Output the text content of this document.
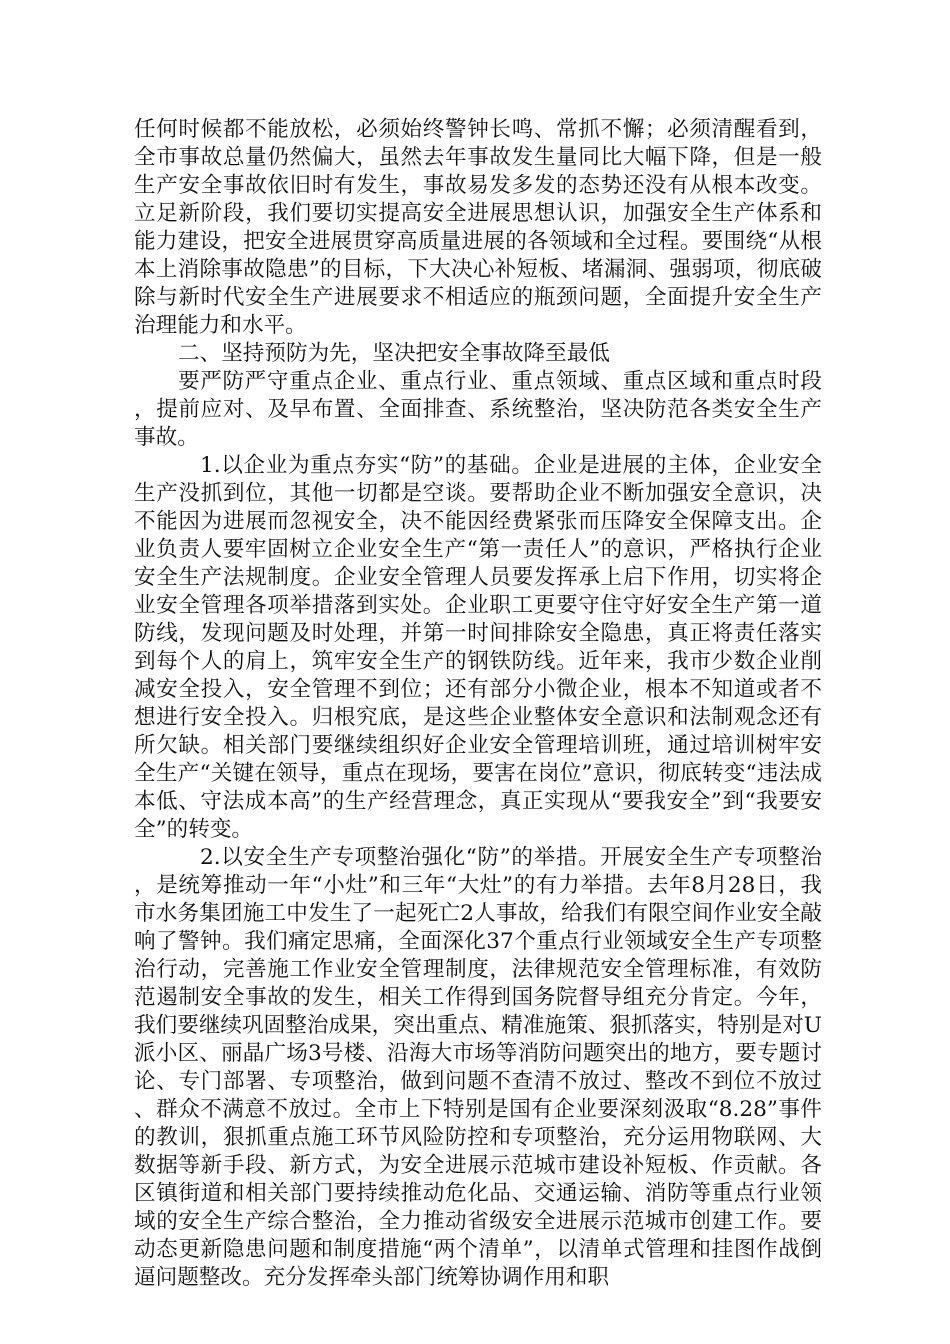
任何时候都不能放松，必须始终警钟长鸣、常抓不懈；必须清醒看到，全市事故总量仍然偏大，虽然去年事故发生量同比大幅下降，但是一般生产安全事故依旧时有发生，事故易发多发的态势还没有从根本改变。立足新阶段，我们要切实提高安全进展思想认识，加强安全生产体系和能力建设，把安全进展贯穿高质量进展的各领域和全过程。要围绕“从根本上消除事故隐患”的目标，下大决心补短板、堵漏洞、强弱项，彻底破除与新时代安全生产进展要求不相适应的瓶颈问题，全面提升安全生产治理能力和水平。

二、坚持预防为先，坚决把安全事故降至最低

要严防严守重点企业、重点行业、重点领域、重点区域和重点时段，提前应对、及早布置、全面排查、系统整治，坚决防范各类安全生产事故。

1.以企业为重点夯实“防”的基础。企业是进展的主体，企业安全生产没抓到位，其他一切都是空谈。要帮助企业不断加强安全意识，决不能因为进展而忽视安全，决不能因经费紧张而压降安全保障支出。企业负责人要牢固树立企业安全生产“第一责任人”的意识，严格执行企业安全生产法规制度。企业安全管理人员要发挥承上启下作用，切实将企业安全管理各项举措落到实处。企业职工更要守住守好安全生产第一道防线，发现问题及时处理，并第一时间排除安全隐患，真正将责任落实到每个人的肩上，筑牢安全生产的钢铁防线。近年来，我市少数企业削减安全投入，安全管理不到位；还有部分小微企业，根本不知道或者不想进行安全投入。归根究底，是这些企业整体安全意识和法制观念还有所欠缺。相关部门要继续组织好企业安全管理培训班，通过培训树牢安全生产“关键在领导，重点在现场，要害在岗位”意识，彻底转变“违法成本低、守法成本高”的生产经营理念，真正实现从“要我安全”到“我要安全”的转变。

2.以安全生产专项整治强化“防”的举措。开展安全生产专项整治，是统筹推动一年“小灶”和三年“大灶”的有力举措。去年8月28日，我市水务集团施工中发生了一起死亡2人事故，给我们有限空间作业安全敲响了警钟。我们痛定思痛，全面深化37个重点行业领域安全生产专项整治行动，完善施工作业安全管理制度，法律规范安全管理标准，有效防范遏制安全事故的发生，相关工作得到国务院督导组充分肯定。今年，我们要继续巩固整治成果，突出重点、精准施策、狠抓落实，特别是对U派小区、丽晶广场3号楼、沿海大市场等消防问题突出的地方，要专题讨论、专门部署、专项整治，做到问题不查清不放过、整改不到位不放过、群众不满意不放过。全市上下特别是国有企业要深刻汲取“8.28”事件的教训，狠抓重点施工环节风险防控和专项整治，充分运用物联网、大数据等新手段、新方式，为安全进展示范城市建设补短板、作贡献。各区镇街道和相关部门要持续推动危化品、交通运输、消防等重点行业领域的安全生产综合整治，全力推动省级安全进展示范城市创建工作。要动态更新隐患问题和制度措施“两个清单”，以清单式管理和挂图作战倒逼问题整改。充分发挥牵头部门统筹协调作用和职
